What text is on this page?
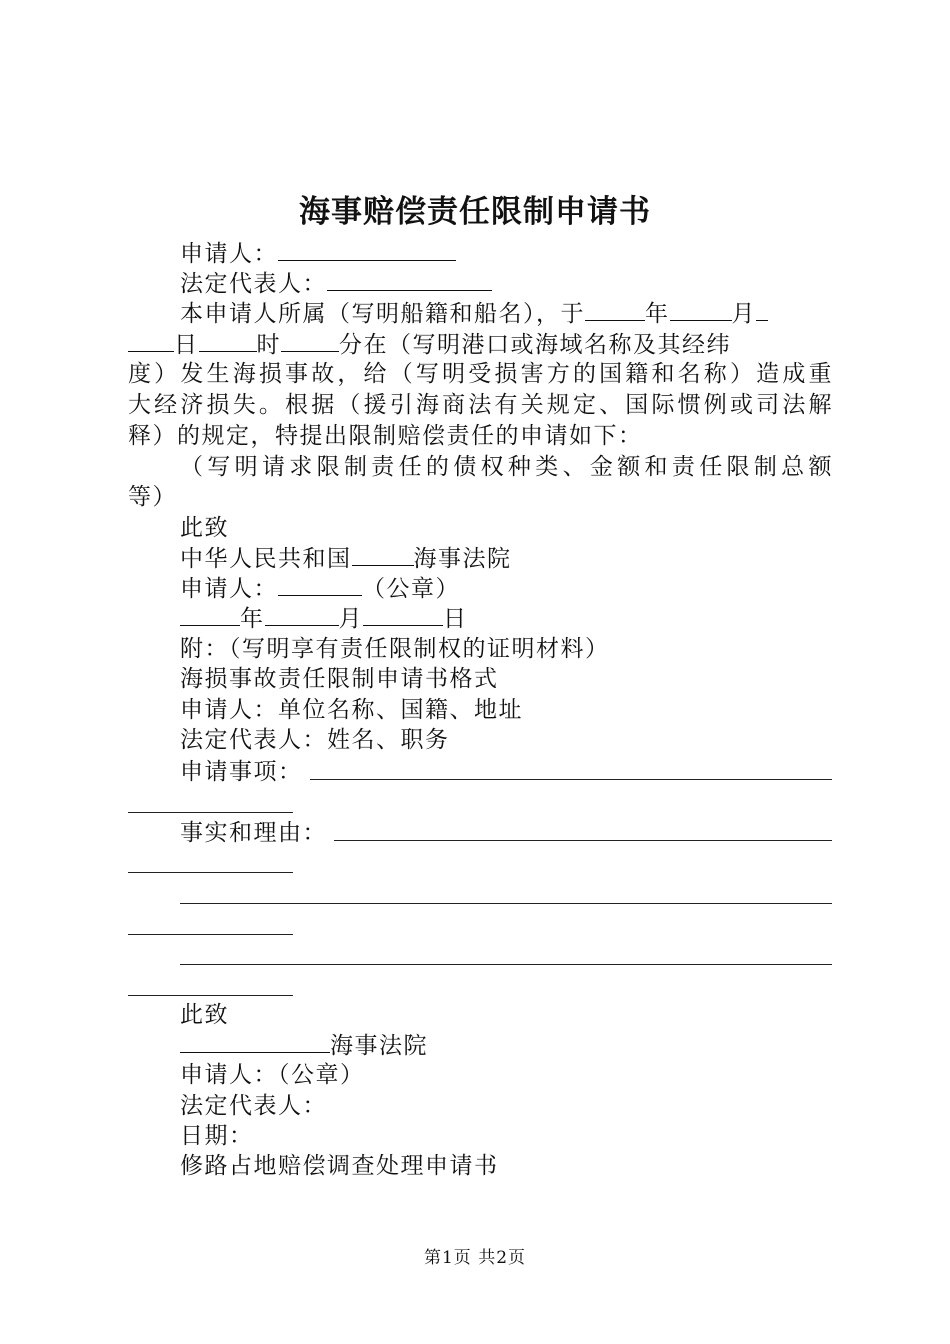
海事赔偿责任限制申请书
申请人：
法定代表人：
本申请人所属（写明船籍和船名），于	年	月
日	时	分在（写明港口或海域名称及其经纬
度）发生海损事故，给（写明受损害方的国籍和名称）造成重
大经济损失。根据（援引海商法有关规定、国际惯例或司法解
释）的规定，特提出限制赔偿责任的申请如下：
（写明请求限制责任的债权种类、金额和责任限制总额
等）
此致
中华人民共和国	海事法院
申请人：	（公章）
年	月	日
附：（写明享有责任限制权的证明材料）
海损事故责任限制申请书格式
申请人：单位名称、国籍、地址
法定代表人：姓名、职务
申请事项：
事实和理由：
此致
海事法院
申请人：（公章）
法定代表人：
日期：
修路占地赔偿调查处理申请书
第1页 共2页
